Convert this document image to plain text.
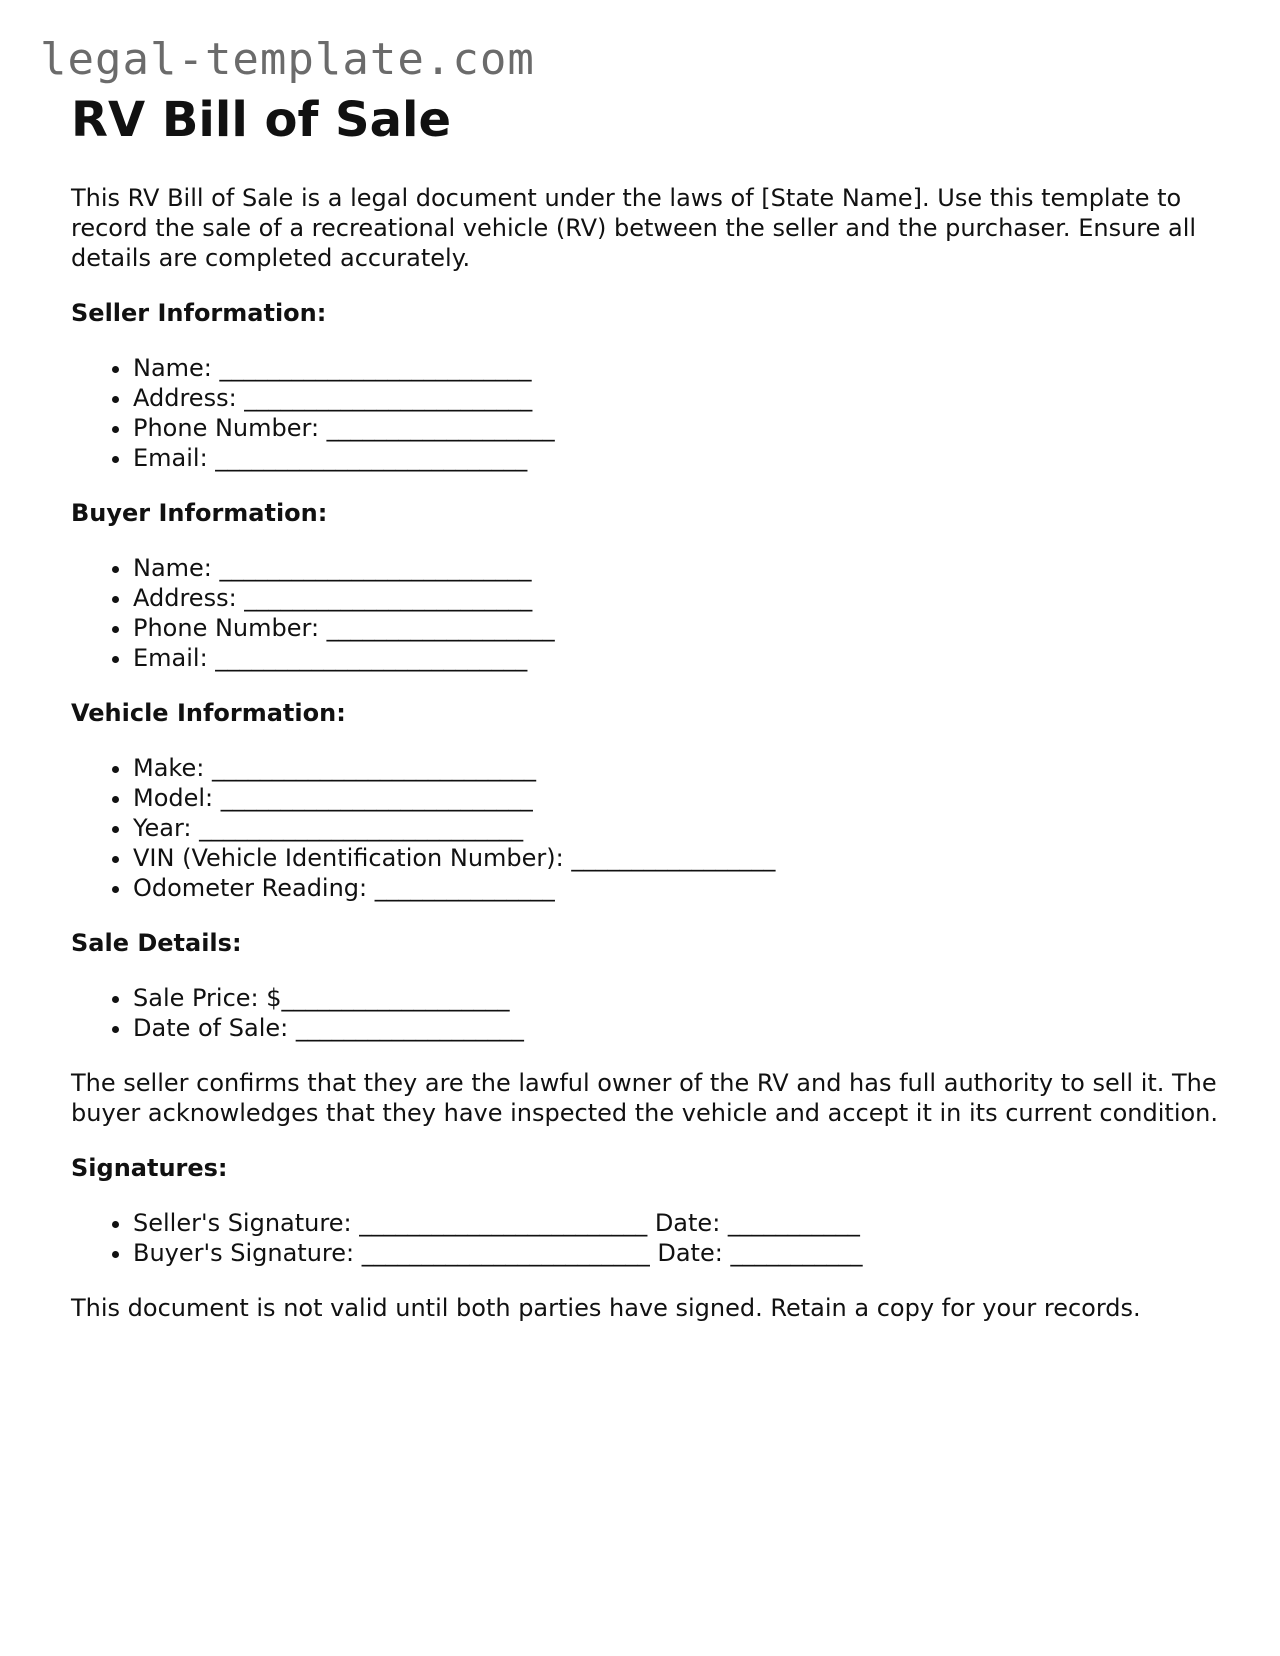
legal-template.com
RV Bill of Sale

This RV Bill of Sale is a legal document under the laws of [State Name]. Use this template to record the sale of a recreational vehicle (RV) between the seller and the purchaser. Ensure all details are completed accurately.

Seller Information:
• Name: __________________________
• Address: ________________________
• Phone Number: ___________________
• Email: __________________________
Buyer Information:
• Name: __________________________
• Address: ________________________
• Phone Number: ___________________
• Email: __________________________
Vehicle Information:
• Make: ___________________________
• Model: __________________________
• Year: ___________________________
• VIN (Vehicle Identification Number): _________________
• Odometer Reading: _______________
Sale Details:
• Sale Price: $___________________
• Date of Sale: ___________________

The seller confirms that they are the lawful owner of the RV and has full authority to sell it. The buyer acknowledges that they have inspected the vehicle and accept it in its current condition.

Signatures:
• Seller's Signature: ________________________ Date: ___________
• Buyer's Signature: ________________________ Date: ___________

This document is not valid until both parties have signed. Retain a copy for your records.
